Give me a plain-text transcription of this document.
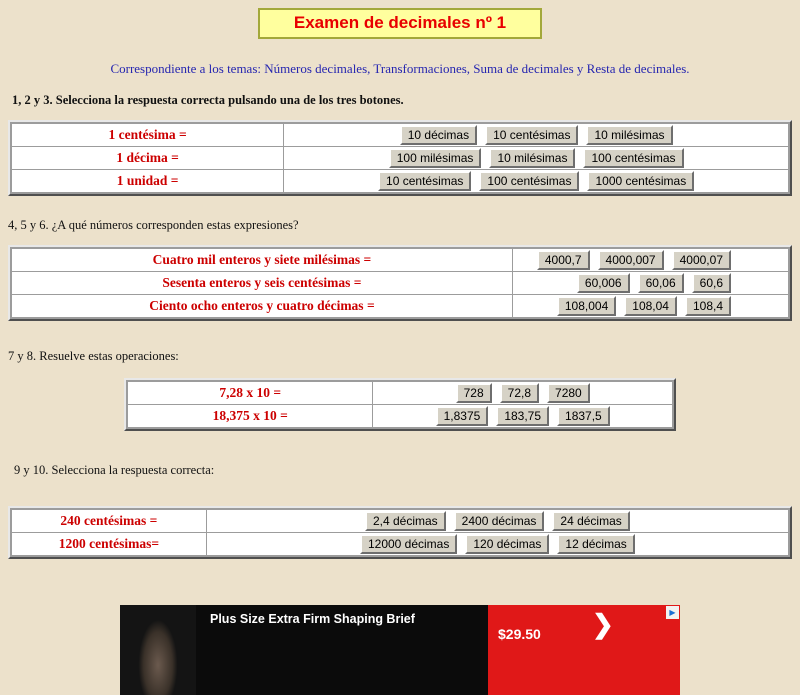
Examen de decimales nº 1
Correspondiente a los temas: Números decimales, Transformaciones, Suma de decimales y Resta de decimales.
1, 2 y 3. Selecciona la respuesta correcta pulsando una de los tres botones.
1 centésima =	10 décimas 10 centésimas 10 milésimas
1 décima =	100 milésimas 10 milésimas 100 centésimas
1 unidad =	10 centésimas 100 centésimas 1000 centésimas
4, 5 y 6. ¿A qué números corresponden estas expresiones?
Cuatro mil enteros y siete milésimas =	4000,7 4000,007 4000,07
Sesenta enteros y seis centésimas =	60,006 60,06 60,6
Ciento ocho enteros y cuatro décimas =	108,004 108,04 108,4
7 y 8. Resuelve estas operaciones:
7,28 x 10 =	728 72,8 7280
18,375 x 10 =	1,8375 183,75 1837,5
9 y 10. Selecciona la respuesta correcta:
240 centésimas =	2,4 décimas 2400 décimas 24 décimas
1200 centésimas=	12000 décimas 120 décimas 12 décimas
Plus Size Extra Firm Shaping Brief
$29.50 ❯	▶
